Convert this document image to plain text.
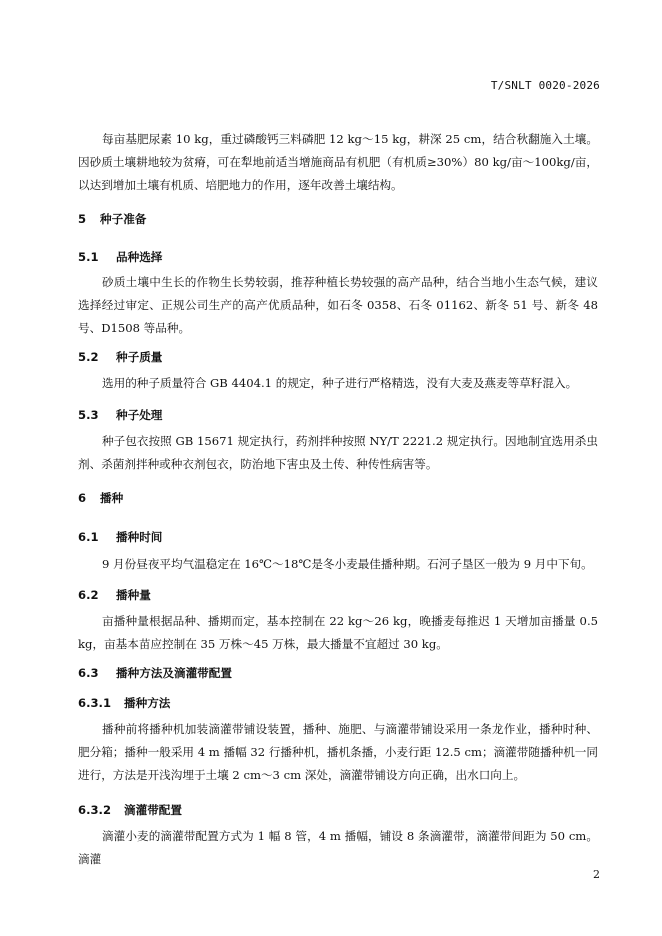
T/SNLT 0020-2026
每亩基肥尿素 10 kg，重过磷酸钙三料磷肥 12 kg～15 kg，耕深 25 cm，结合秋翻施入土壤。因砂质土壤耕地较为贫瘠，可在犁地前适当增施商品有机肥（有机质≥30%）80 kg/亩～100kg/亩，以达到增加土壤有机质、培肥地力的作用，逐年改善土壤结构。
5 种子准备
5.1 品种选择
砂质土壤中生长的作物生长势较弱，推荐种植长势较强的高产品种，结合当地小生态气候，建议选择经过审定、正规公司生产的高产优质品种，如石冬 0358、石冬 01162、新冬 51 号、新冬 48 号、D1508 等品种。
5.2 种子质量
选用的种子质量符合 GB 4404.1 的规定，种子进行严格精选，没有大麦及燕麦等草籽混入。
5.3 种子处理
种子包衣按照 GB 15671 规定执行，药剂拌种按照 NY/T 2221.2 规定执行。因地制宜选用杀虫剂、杀菌剂拌种或种衣剂包衣，防治地下害虫及土传、种传性病害等。
6 播种
6.1 播种时间
9 月份昼夜平均气温稳定在 16℃～18℃是冬小麦最佳播种期。石河子垦区一般为 9 月中下旬。
6.2 播种量
亩播种量根据品种、播期而定，基本控制在 22 kg～26 kg，晚播麦每推迟 1 天增加亩播量 0.5 kg，亩基本苗应控制在 35 万株～45 万株，最大播量不宜超过 30 kg。
6.3 播种方法及滴灌带配置
6.3.1 播种方法
播种前将播种机加装滴灌带铺设装置，播种、施肥、与滴灌带铺设采用一条龙作业，播种时种、肥分箱；播种一般采用 4 m 播幅 32 行播种机，播机条播，小麦行距 12.5 cm；滴灌带随播种机一同进行，方法是开浅沟埋于土壤 2 cm～3 cm 深处，滴灌带铺设方向正确，出水口向上。
6.3.2 滴灌带配置
滴灌小麦的滴灌带配置方式为 1 幅 8 管，4 m 播幅，铺设 8 条滴灌带，滴灌带间距为 50 cm。滴灌
2
